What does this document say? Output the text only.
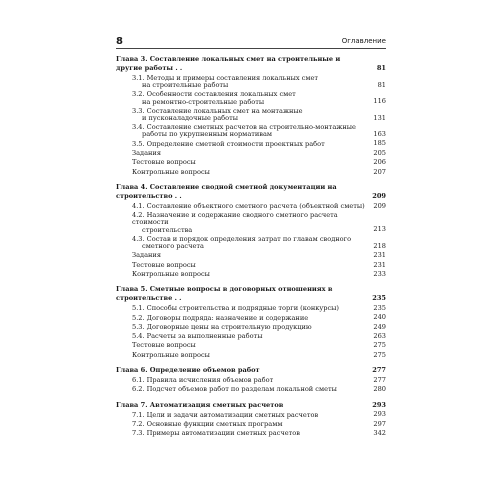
8	Оглавление
Глава 3. Составление локальных смет на строительные и другие работы . .	81
3.1. Методы и примеры составления локальных смет
на строительные работы	81
3.2. Особенности составления локальных смет
на ремонтно-строительные работы	116
3.3. Составление локальных смет на монтажные
и пусконаладочные работы	131
3.4. Составление сметных расчетов на строительно-монтажные
работы по укрупненным нормативам	163
3.5. Определение сметной стоимости проектных работ	185
Задания	205
Тестовые вопросы	206
Контрольные вопросы	207
Глава 4. Составление сводной сметной документации на строительство . .	209
4.1. Составление объектного сметного расчета (объектной сметы)	209
4.2. Назначение и содержание сводного сметного расчета стоимости
строительства	213
4.3. Состав и порядок определения затрат по главам сводного
сметного расчета	218
Задания	231
Тестовые вопросы	231
Контрольные вопросы	233
Глава 5. Сметные вопросы в договорных отношениях в строительстве . .	235
5.1. Способы строительства и подрядные торги (конкурсы)	235
5.2. Договоры подряда: назначение и содержание	240
5.3. Договорные цены на строительную продукцию	249
5.4. Расчеты за выполненные работы	263
Тестовые вопросы	275
Контрольные вопросы	275
Глава 6. Определение объемов работ	277
6.1. Правила исчисления объемов работ	277
6.2. Подсчет объемов работ по разделам локальной сметы	280
Глава 7. Автоматизация сметных расчетов	293
7.1. Цели и задачи автоматизации сметных расчетов	293
7.2. Основные функции сметных программ	297
7.3. Примеры автоматизации сметных расчетов	342
